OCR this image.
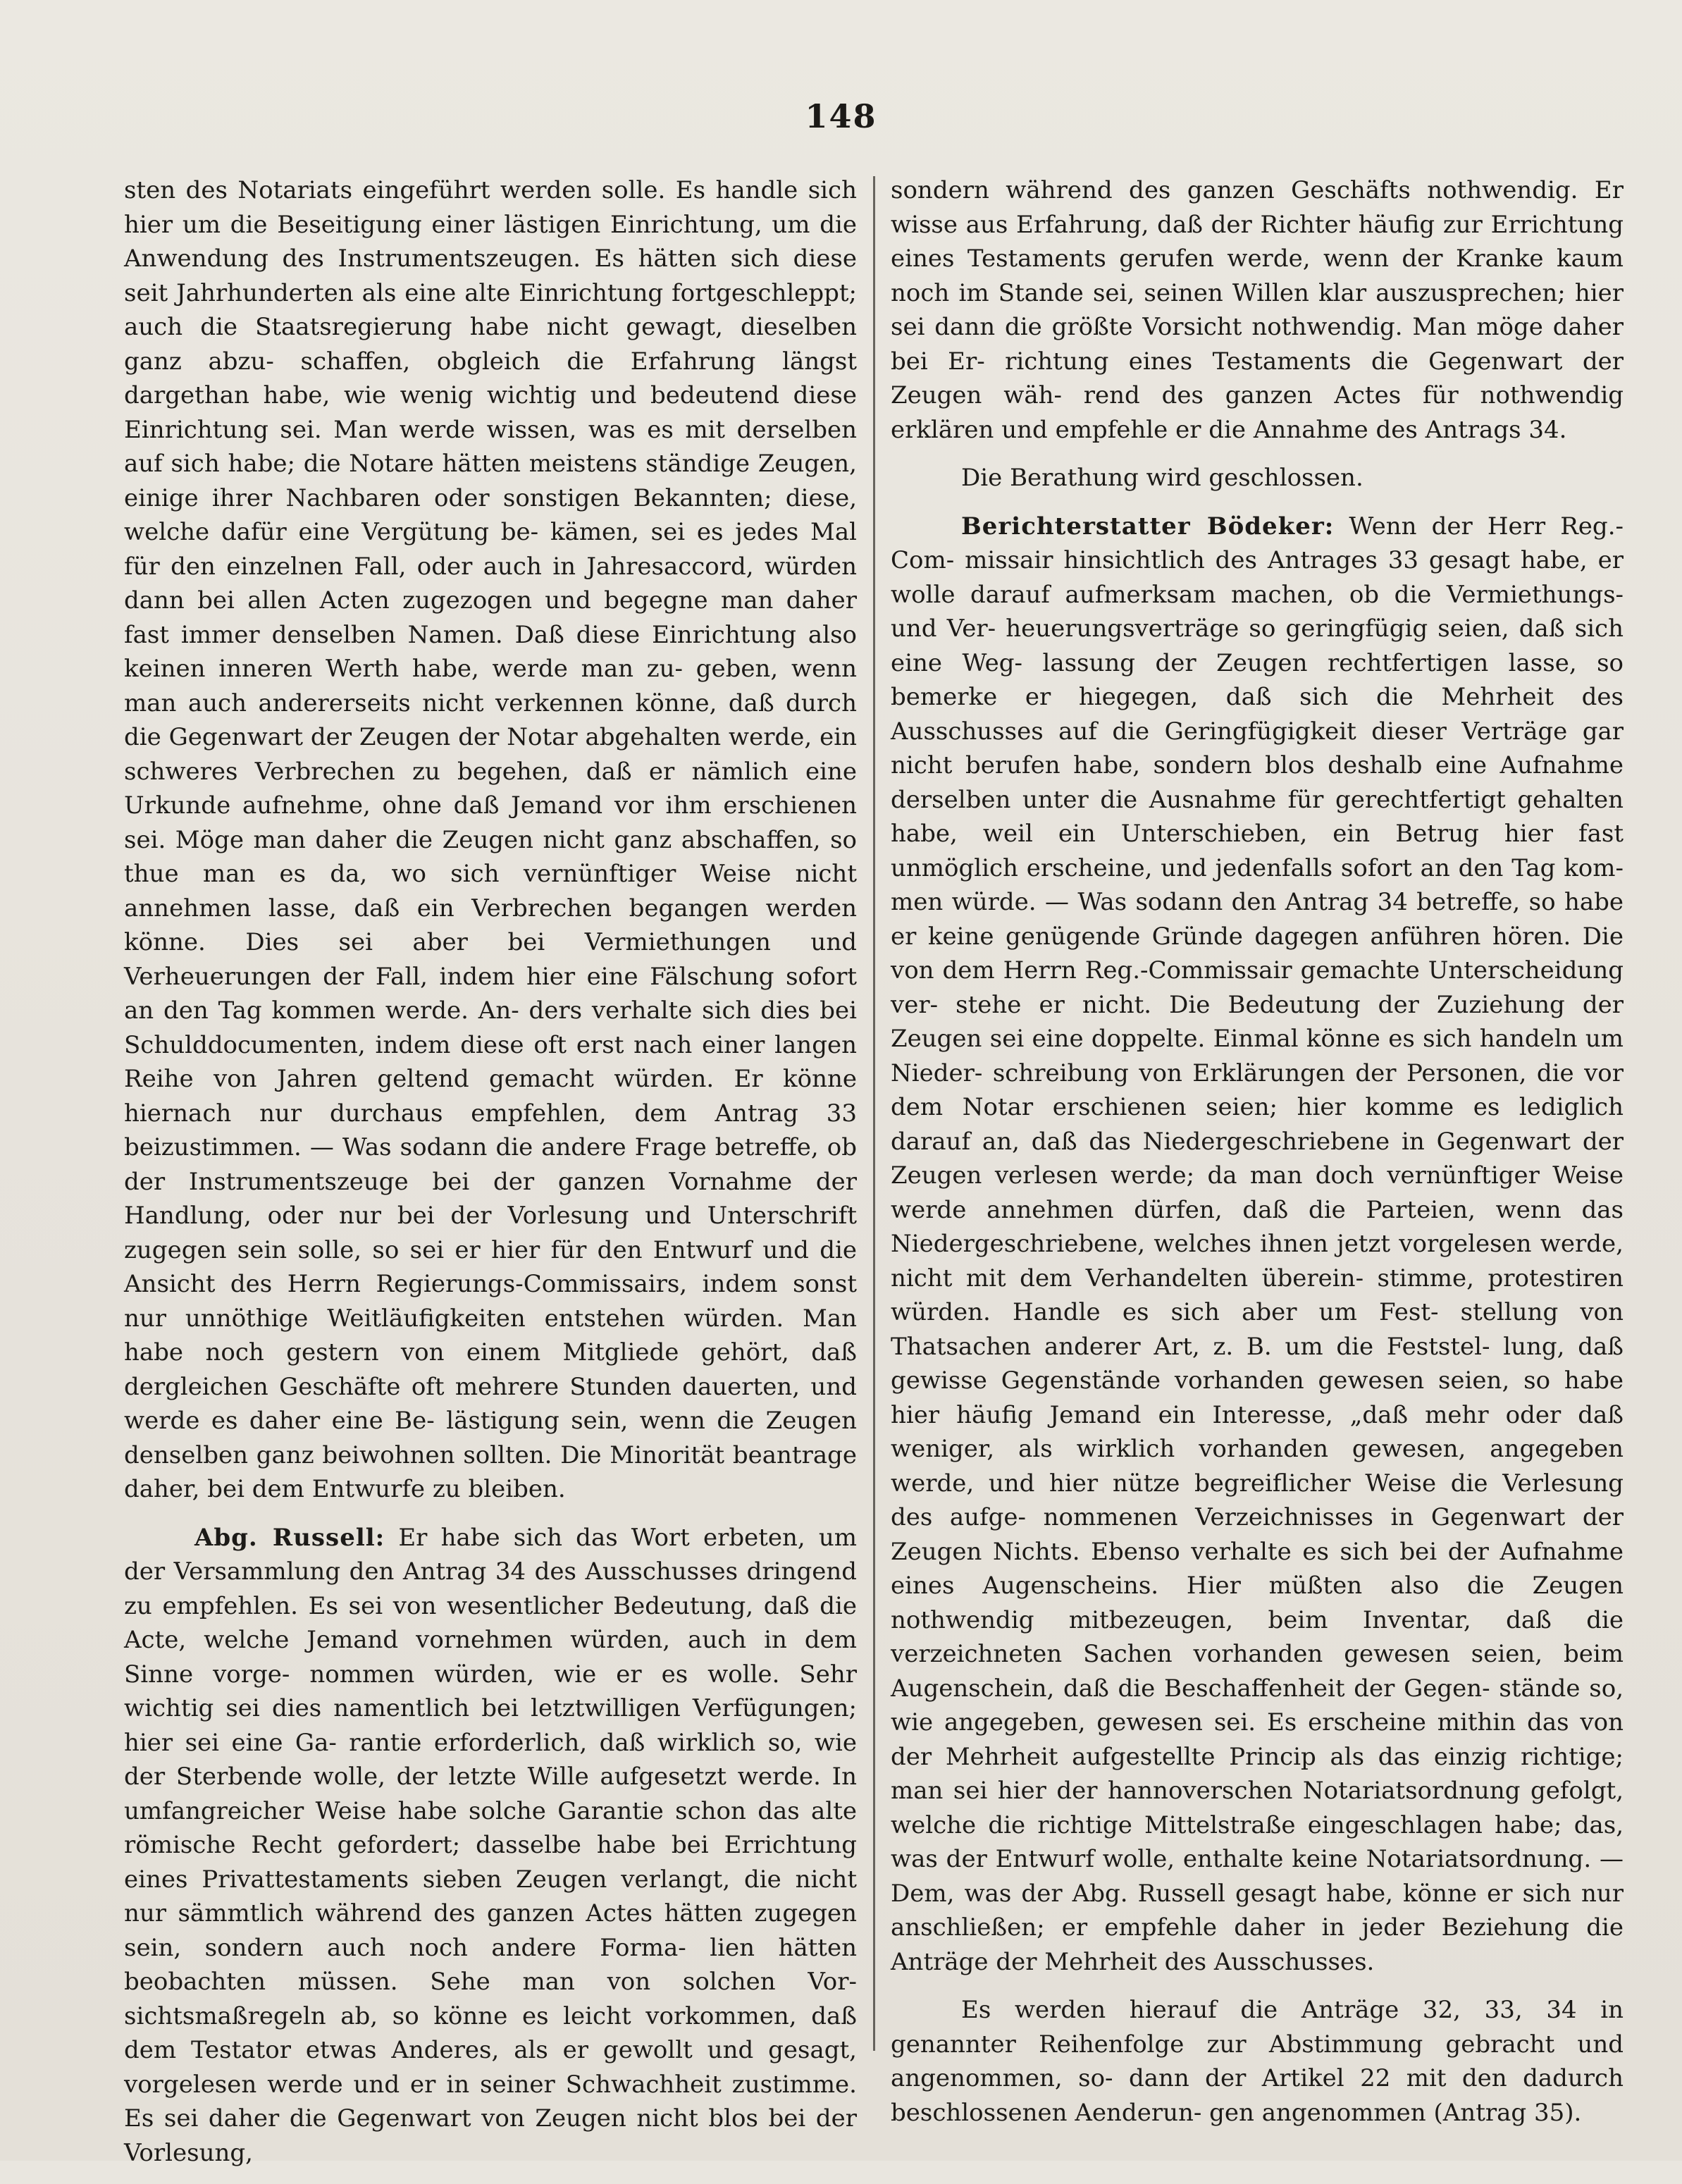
148

sten des Notariats eingeführt werden solle. Es handle sich hier um die Beseitigung einer lästigen Einrichtung, um die Anwendung des Instrumentszeugen. Es hätten sich diese seit Jahrhunderten als eine alte Einrichtung fortgeschleppt; auch die Staatsregierung habe nicht gewagt, dieselben ganz abzu- schaffen, obgleich die Erfahrung längst dargethan habe, wie wenig wichtig und bedeutend diese Einrichtung sei. Man werde wissen, was es mit derselben auf sich habe; die Notare hätten meistens ständige Zeugen, einige ihrer Nachbaren oder sonstigen Bekannten; diese, welche dafür eine Vergütung be- kämen, sei es jedes Mal für den einzelnen Fall, oder auch in Jahresaccord, würden dann bei allen Acten zugezogen und begegne man daher fast immer denselben Namen. Daß diese Einrichtung also keinen inneren Werth habe, werde man zu- geben, wenn man auch andererseits nicht verkennen könne, daß durch die Gegenwart der Zeugen der Notar abgehalten werde, ein schweres Verbrechen zu begehen, daß er nämlich eine Urkunde aufnehme, ohne daß Jemand vor ihm erschienen sei. Möge man daher die Zeugen nicht ganz abschaffen, so thue man es da, wo sich vernünftiger Weise nicht annehmen lasse, daß ein Verbrechen begangen werden könne. Dies sei aber bei Vermiethungen und Verheuerungen der Fall, indem hier eine Fälschung sofort an den Tag kommen werde. An- ders verhalte sich dies bei Schulddocumenten, indem diese oft erst nach einer langen Reihe von Jahren geltend gemacht würden. Er könne hiernach nur durchaus empfehlen, dem Antrag 33 beizustimmen. — Was sodann die andere Frage betreffe, ob der Instrumentszeuge bei der ganzen Vornahme der Handlung, oder nur bei der Vorlesung und Unterschrift zugegen sein solle, so sei er hier für den Entwurf und die Ansicht des Herrn Regierungs-Commissairs, indem sonst nur unnöthige Weitläufigkeiten entstehen würden. Man habe noch gestern von einem Mitgliede gehört, daß dergleichen Geschäfte oft mehrere Stunden dauerten, und werde es daher eine Be- lästigung sein, wenn die Zeugen denselben ganz beiwohnen sollten. Die Minorität beantrage daher, bei dem Entwurfe zu bleiben.

Abg. Russell: Er habe sich das Wort erbeten, um der Versammlung den Antrag 34 des Ausschusses dringend zu empfehlen. Es sei von wesentlicher Bedeutung, daß die Acte, welche Jemand vornehmen würden, auch in dem Sinne vorge- nommen würden, wie er es wolle. Sehr wichtig sei dies namentlich bei letztwilligen Verfügungen; hier sei eine Ga- rantie erforderlich, daß wirklich so, wie der Sterbende wolle, der letzte Wille aufgesetzt werde. In umfangreicher Weise habe solche Garantie schon das alte römische Recht gefordert; dasselbe habe bei Errichtung eines Privattestaments sieben Zeugen verlangt, die nicht nur sämmtlich während des ganzen Actes hätten zugegen sein, sondern auch noch andere Forma- lien hätten beobachten müssen. Sehe man von solchen Vor- sichtsmaßregeln ab, so könne es leicht vorkommen, daß dem Testator etwas Anderes, als er gewollt und gesagt, vorgelesen werde und er in seiner Schwachheit zustimme. Es sei daher die Gegenwart von Zeugen nicht blos bei der Vorlesung,

sondern während des ganzen Geschäfts nothwendig. Er wisse aus Erfahrung, daß der Richter häufig zur Errichtung eines Testaments gerufen werde, wenn der Kranke kaum noch im Stande sei, seinen Willen klar auszusprechen; hier sei dann die größte Vorsicht nothwendig. Man möge daher bei Er- richtung eines Testaments die Gegenwart der Zeugen wäh- rend des ganzen Actes für nothwendig erklären und empfehle er die Annahme des Antrags 34.

Die Berathung wird geschlossen.

Berichterstatter Bödeker: Wenn der Herr Reg.-Com- missair hinsichtlich des Antrages 33 gesagt habe, er wolle darauf aufmerksam machen, ob die Vermiethungs- und Ver- heuerungsverträge so geringfügig seien, daß sich eine Weg- lassung der Zeugen rechtfertigen lasse, so bemerke er hiegegen, daß sich die Mehrheit des Ausschusses auf die Geringfügigkeit dieser Verträge gar nicht berufen habe, sondern blos deshalb eine Aufnahme derselben unter die Ausnahme für gerechtfertigt gehalten habe, weil ein Unterschieben, ein Betrug hier fast unmöglich erscheine, und jedenfalls sofort an den Tag kom- men würde. — Was sodann den Antrag 34 betreffe, so habe er keine genügende Gründe dagegen anführen hören. Die von dem Herrn Reg.-Commissair gemachte Unterscheidung ver- stehe er nicht. Die Bedeutung der Zuziehung der Zeugen sei eine doppelte. Einmal könne es sich handeln um Nieder- schreibung von Erklärungen der Personen, die vor dem Notar erschienen seien; hier komme es lediglich darauf an, daß das Niedergeschriebene in Gegenwart der Zeugen verlesen werde; da man doch vernünftiger Weise werde annehmen dürfen, daß die Parteien, wenn das Niedergeschriebene, welches ihnen jetzt vorgelesen werde, nicht mit dem Verhandelten überein- stimme, protestiren würden. Handle es sich aber um Fest- stellung von Thatsachen anderer Art, z. B. um die Feststel- lung, daß gewisse Gegenstände vorhanden gewesen seien, so habe hier häufig Jemand ein Interesse, „daß mehr oder daß weniger, als wirklich vorhanden gewesen, angegeben werde, und hier nütze begreiflicher Weise die Verlesung des aufge- nommenen Verzeichnisses in Gegenwart der Zeugen Nichts. Ebenso verhalte es sich bei der Aufnahme eines Augenscheins. Hier müßten also die Zeugen nothwendig mitbezeugen, beim Inventar, daß die verzeichneten Sachen vorhanden gewesen seien, beim Augenschein, daß die Beschaffenheit der Gegen- stände so, wie angegeben, gewesen sei. Es erscheine mithin das von der Mehrheit aufgestellte Princip als das einzig richtige; man sei hier der hannoverschen Notariatsordnung gefolgt, welche die richtige Mittelstraße eingeschlagen habe; das, was der Entwurf wolle, enthalte keine Notariatsordnung. — Dem, was der Abg. Russell gesagt habe, könne er sich nur anschließen; er empfehle daher in jeder Beziehung die Anträge der Mehrheit des Ausschusses.

Es werden hierauf die Anträge 32, 33, 34 in genannter Reihenfolge zur Abstimmung gebracht und angenommen, so- dann der Artikel 22 mit den dadurch beschlossenen Aenderun- gen angenommen (Antrag 35).
